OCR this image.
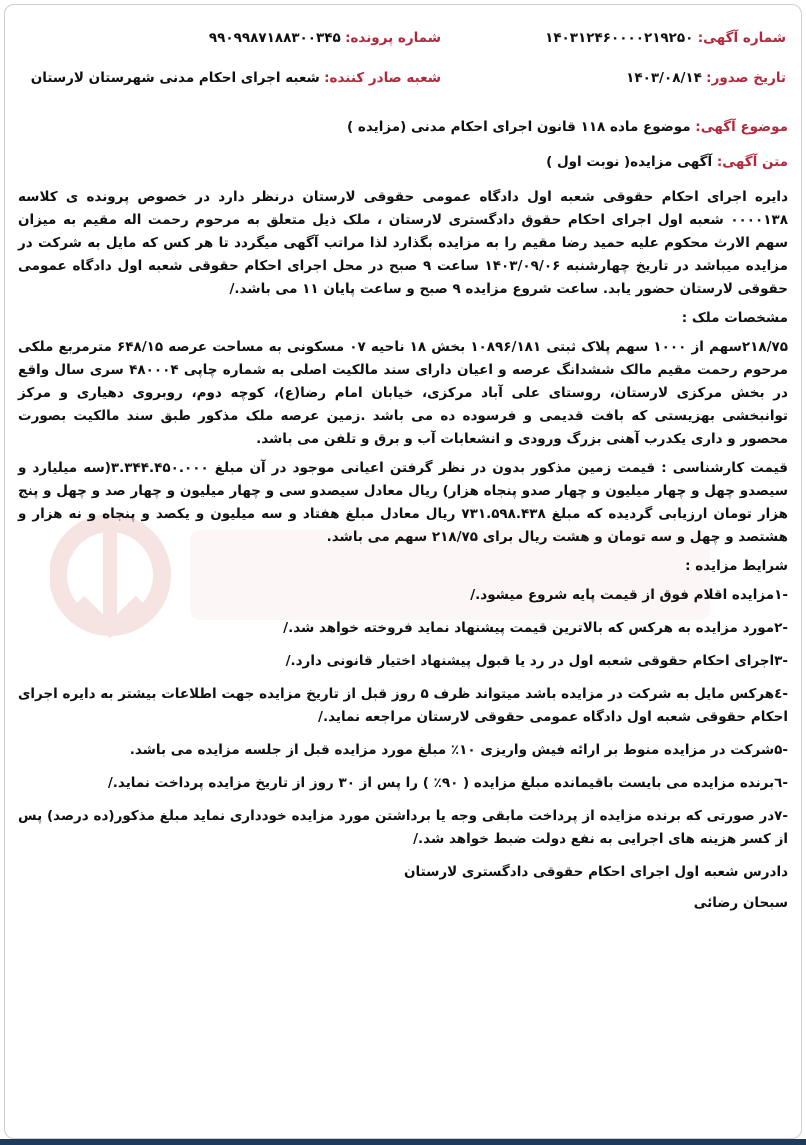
شماره آگهی: ۱۴۰۳۱۲۴۶۰۰۰۰۲۱۹۲۵۰
شماره پرونده: ۹۹۰۹۹۸۷۱۸۸۳۰۰۳۴۵
تاریخ صدور: ۱۴۰۳/۰۸/۱۴
شعبه صادر کننده: شعبه اجرای احکام مدنی شهرستان لارستان
موضوع آگهی: موضوع ماده ۱۱۸ قانون اجرای احکام مدنی (مزایده )
متن آگهی: آگهی مزایده( نوبت اول )

دایره اجرای احکام حقوقی شعبه اول دادگاه عمومی حقوقی لارستان درنظر دارد در خصوص پرونده ی کلاسه ۰۰۰۰۱۳۸ شعبه اول اجرای احکام حقوق دادگستری لارستان ، ملک ذیل متعلق به مرحوم رحمت اله مقیم به میزان سهم الارث محکوم علیه حمید رضا مقیم را به مزایده بگذارد لذا مراتب آگهی میگردد تا هر کس که مایل به شرکت در مزایده میباشد در تاریخ چهارشنبه ۱۴۰۳/۰۹/۰۶ ساعت ۹ صبح در محل اجرای احکام حقوقی شعبه اول دادگاه عمومی حقوقی لارستان حضور یابد. ساعت شروع مزایده ۹ صبح و ساعت پایان ۱۱ می باشد./

مشخصات ملک :

۲۱۸/۷۵سهم از ۱۰۰۰ سهم پلاک ثبتی ۱۰۸۹۶/۱۸۱ بخش ۱۸ ناحیه ۰۷ مسکونی به مساحت عرصه ۶۴۸/۱۵ مترمربع ملکی مرحوم رحمت مقیم مالک ششدانگ عرصه و اعیان دارای سند مالکیت اصلی به شماره چاپی ۴۸۰۰۰۴ سری سال واقع در بخش مرکزی لارستان، روستای علی آباد مرکزی، خیابان امام رضا(ع)، کوچه دوم، روبروی دهیاری و مرکز توانبخشی بهزیستی که بافت قدیمی و فرسوده ده می باشد .زمین عرصه ملک مذکور طبق سند مالکیت بصورت محصور و داری یکدرب آهنی بزرگ ورودی و انشعابات آب و برق و تلفن می باشد.

قیمت کارشناسی : قیمت زمین مذکور بدون در نظر گرفتن اعیانی موجود در آن مبلغ ۳.۳۴۴.۴۵۰.۰۰۰(سه میلیارد و سیصدو چهل و چهار میلیون و چهار صدو پنجاه هزار) ریال معادل سیصدو سی و چهار میلیون و چهار صد و چهل و پنج هزار تومان ارزیابی گردیده که مبلغ ۷۳۱.۵۹۸.۴۳۸ ریال معادل مبلغ هفتاد و سه میلیون و یکصد و پنجاه و نه هزار و هشتصد و چهل و سه تومان و هشت ریال برای ۲۱۸/۷۵ سهم می باشد.

شرایط مزایده :
-۱مزایده اقلام فوق از قیمت پایه شروع میشود./
-۲مورد مزایده به هرکس که بالاترین قیمت پیشنهاد نماید فروخته خواهد شد./
-۳اجرای احکام حقوقی شعبه اول در رد یا قبول پیشنهاد اختیار قانونی دارد./
-٤هرکس مایل به شرکت در مزایده باشد میتواند ظرف ۵ روز قبل از تاریخ مزایده جهت اطلاعات بیشتر به دایره اجرای احکام حقوقی شعبه اول دادگاه عمومی حقوقی لارستان مراجعه نماید./
-۵شرکت در مزایده منوط بر ارائه فیش واریزی ۱۰٪ مبلغ مورد مزایده قبل از جلسه مزایده می باشد.
-٦برنده مزایده می بایست باقیمانده مبلغ مزایده ( ۹۰٪ ) را پس از ۳۰ روز از تاریخ مزایده پرداخت نماید./
-۷در صورتی که برنده مزایده از پرداخت مابقی وجه یا برداشتن مورد مزایده خودداری نماید مبلغ مذکور(ده درصد) پس از کسر هزینه های اجرایی به نفع دولت ضبط خواهد شد./
دادرس شعبه اول اجرای احکام حقوقی دادگستری لارستان
سبحان رضائی
